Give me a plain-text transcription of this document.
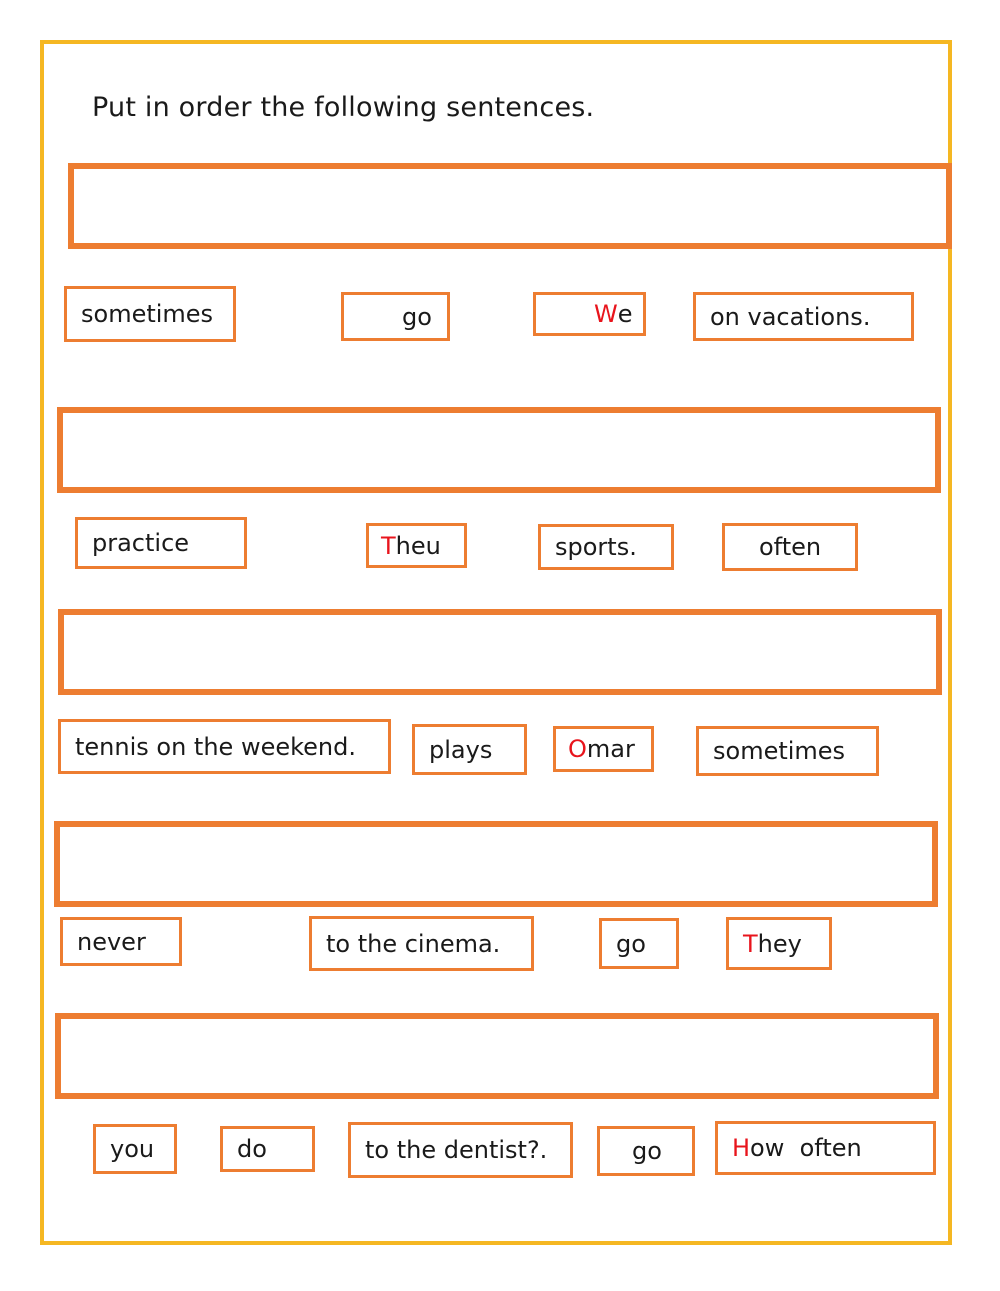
Put in order the following sentences.
sometimes	go	W e	on vacations.
practice	T heu	sports.	often
tennis on the weekend.	plays	O mar	sometimes
never	to the cinema.	go	T hey
you	do	to the dentist?.	go	H ow  often
